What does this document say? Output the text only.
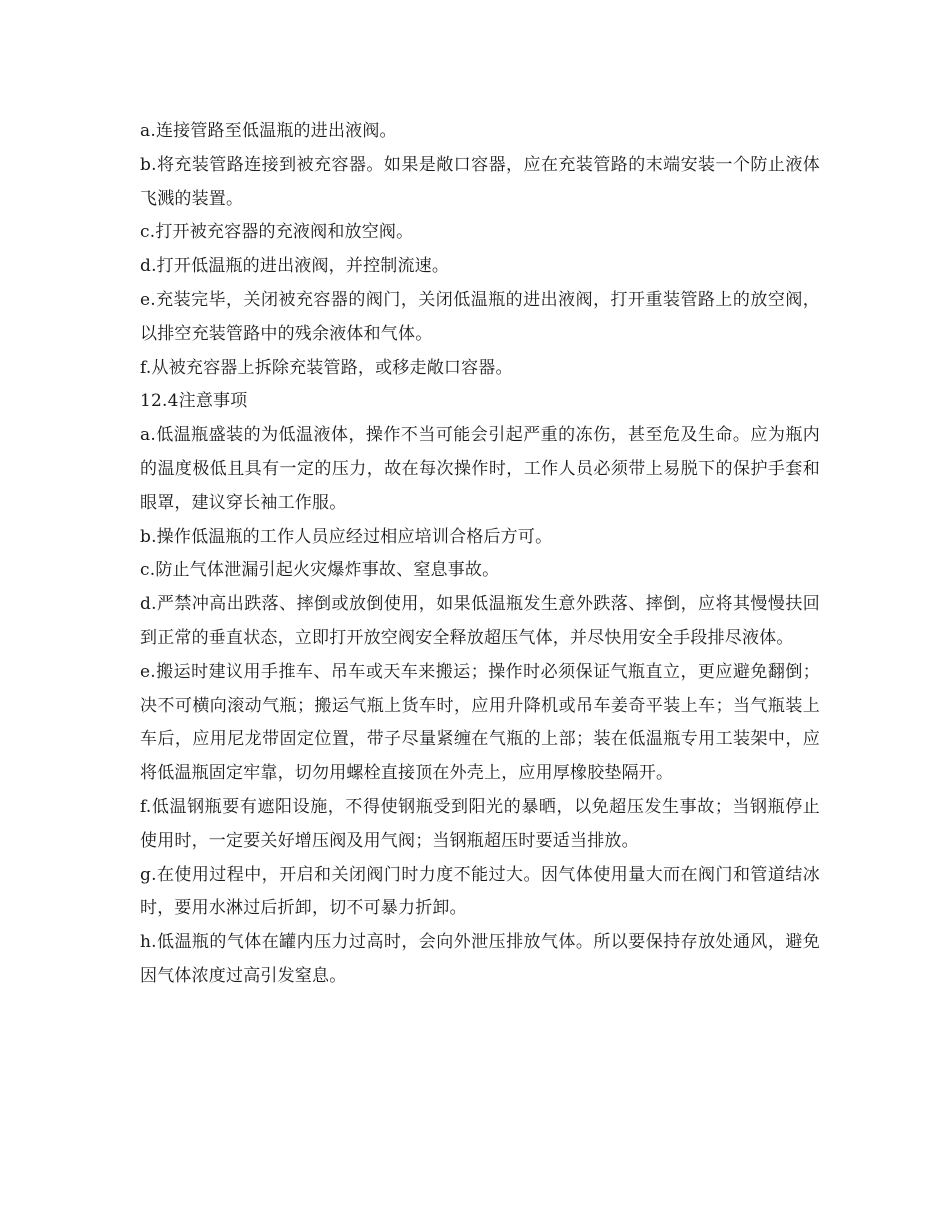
a.连接管路至低温瓶的进出液阀。

b.将充装管路连接到被充容器。如果是敞口容器，应在充装管路的末端安装一个防止液体飞溅的装置。

c.打开被充容器的充液阀和放空阀。

d.打开低温瓶的进出液阀，并控制流速。

e.充装完毕，关闭被充容器的阀门，关闭低温瓶的进出液阀，打开重装管路上的放空阀，以排空充装管路中的残余液体和气体。

f.从被充容器上拆除充装管路，或移走敞口容器。

12.4注意事项

a.低温瓶盛装的为低温液体，操作不当可能会引起严重的冻伤，甚至危及生命。应为瓶内的温度极低且具有一定的压力，故在每次操作时，工作人员必须带上易脱下的保护手套和眼罩，建议穿长袖工作服。

b.操作低温瓶的工作人员应经过相应培训合格后方可。

c.防止气体泄漏引起火灾爆炸事故、窒息事故。

d.严禁冲高出跌落、摔倒或放倒使用，如果低温瓶发生意外跌落、摔倒，应将其慢慢扶回到正常的垂直状态，立即打开放空阀安全释放超压气体，并尽快用安全手段排尽液体。

e.搬运时建议用手推车、吊车或天车来搬运；操作时必须保证气瓶直立，更应避免翻倒；决不可横向滚动气瓶；搬运气瓶上货车时，应用升降机或吊车姜奇平装上车；当气瓶装上车后，应用尼龙带固定位置，带子尽量紧缠在气瓶的上部；装在低温瓶专用工装架中，应将低温瓶固定牢靠，切勿用螺栓直接顶在外壳上，应用厚橡胶垫隔开。

f.低温钢瓶要有遮阳设施，不得使钢瓶受到阳光的暴晒，以免超压发生事故；当钢瓶停止使用时，一定要关好增压阀及用气阀；当钢瓶超压时要适当排放。

g.在使用过程中，开启和关闭阀门时力度不能过大。因气体使用量大而在阀门和管道结冰时，要用水淋过后折卸，切不可暴力折卸。

h.低温瓶的气体在罐内压力过高时，会向外泄压排放气体。所以要保持存放处通风，避免因气体浓度过高引发窒息。
